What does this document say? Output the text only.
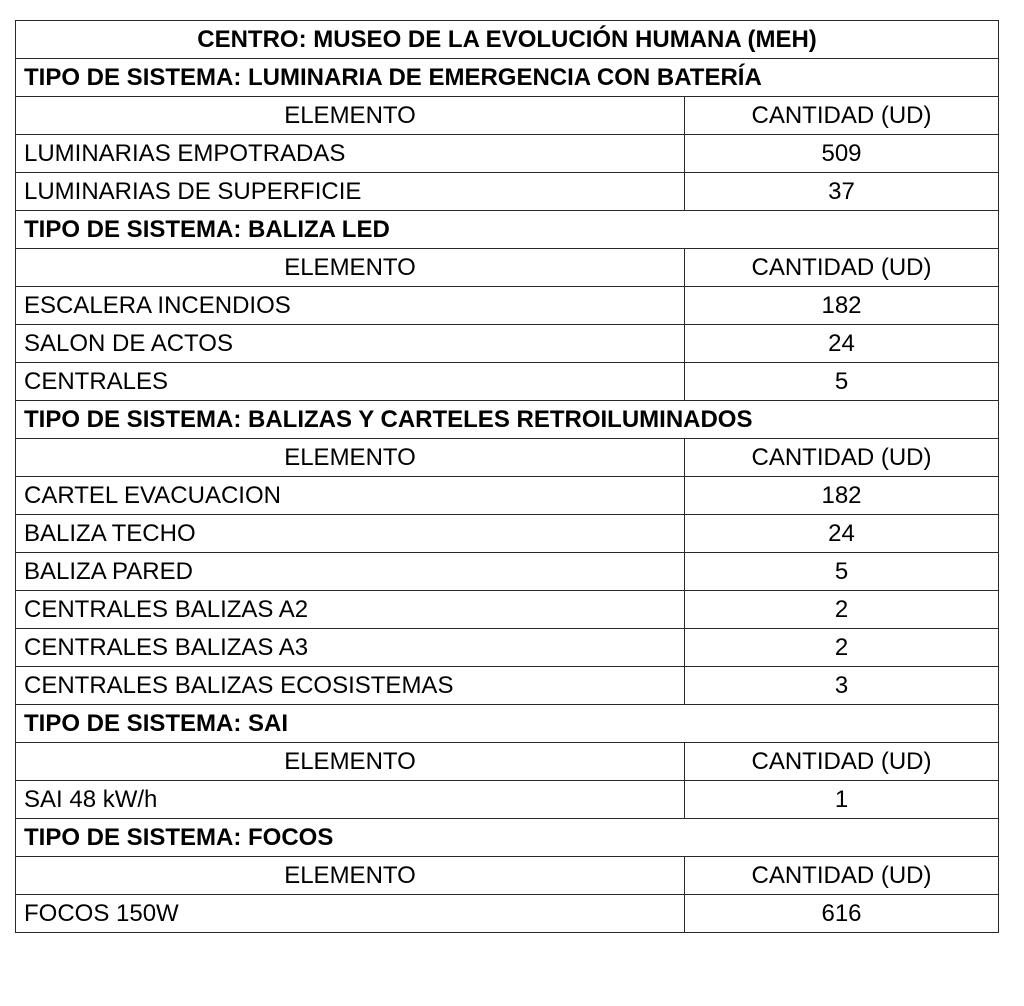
CENTRO: MUSEO DE LA EVOLUCIÓN HUMANA (MEH)	
TIPO DE SISTEMA: LUMINARIA DE EMERGENCIA CON BATERÍA	
ELEMENTO	CANTIDAD (UD)
LUMINARIAS EMPOTRADAS	509
LUMINARIAS DE SUPERFICIE	37
TIPO DE SISTEMA: BALIZA LED	
ELEMENTO	CANTIDAD (UD)
ESCALERA INCENDIOS	182
SALON DE ACTOS	24
CENTRALES	5
TIPO DE SISTEMA: BALIZAS Y CARTELES RETROILUMINADOS	
ELEMENTO	CANTIDAD (UD)
CARTEL EVACUACION	182
BALIZA TECHO	24
BALIZA PARED	5
CENTRALES BALIZAS A2	2
CENTRALES BALIZAS A3	2
CENTRALES BALIZAS ECOSISTEMAS	3
TIPO DE SISTEMA: SAI	
ELEMENTO	CANTIDAD (UD)
SAI 48 kW/h	1
TIPO DE SISTEMA: FOCOS	
ELEMENTO	CANTIDAD (UD)
FOCOS 150W	616
